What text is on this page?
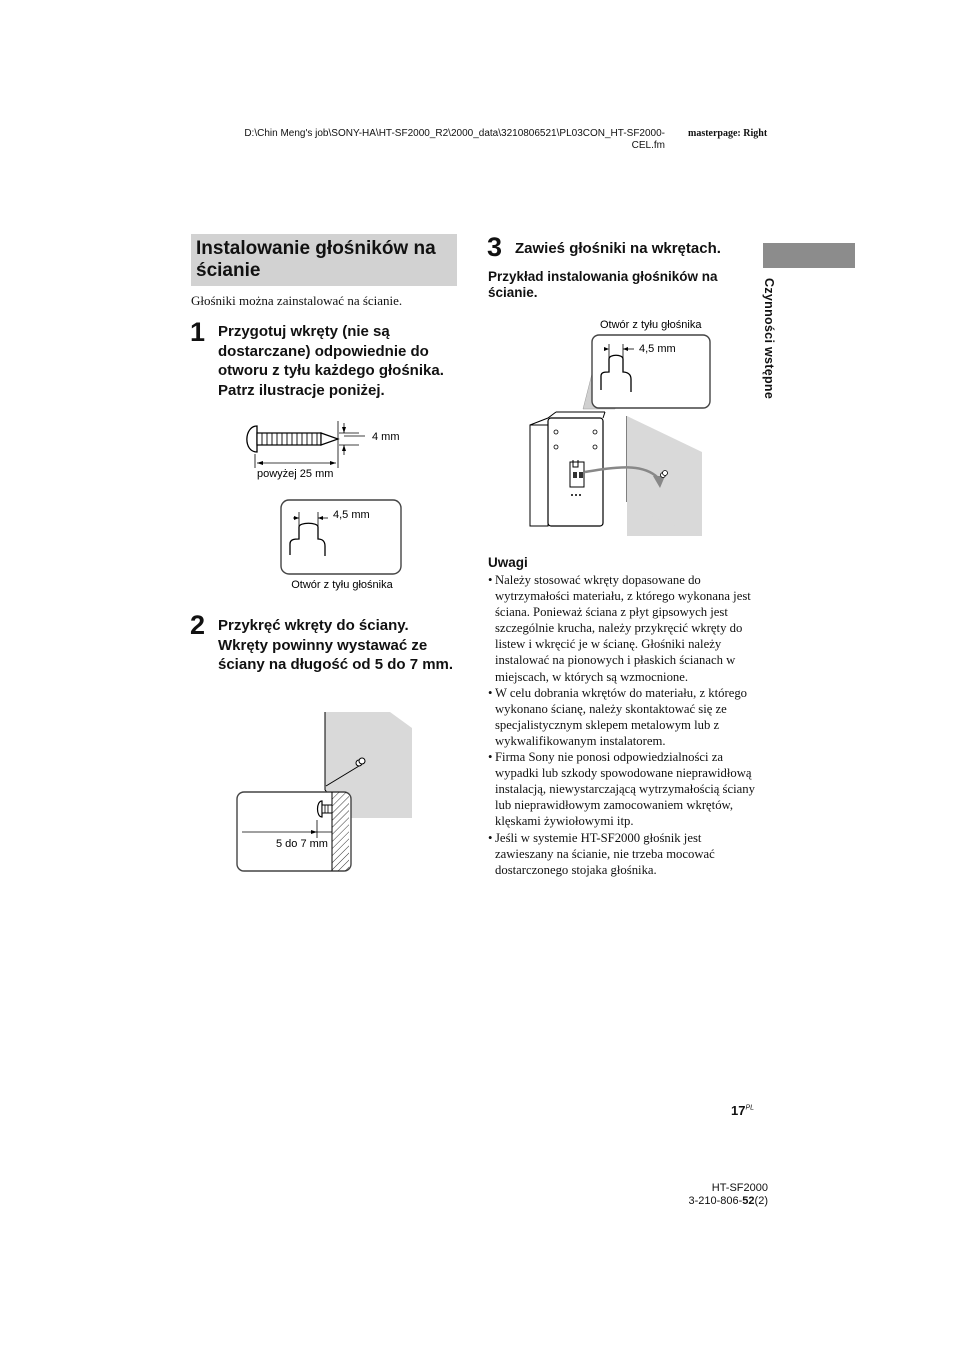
D:\Chin Meng's job\SONY-HA\HT-SF2000_R2\2000_data\3210806521\PL03CON_HT-SF2000-
CEL.fm
masterpage: Right
Instalowanie głośników na ścianie
Głośniki można zainstalować na ścianie.
1 Przygotuj wkręty (nie są dostarczane) odpowiednie do otworu z tyłu każdego głośnika. Patrz ilustracje poniżej.
4 mm
powyżej 25 mm
4,5 mm
Otwór z tyłu głośnika
2 Przykręć wkręty do ściany. Wkręty powinny wystawać ze ściany na długość od 5 do 7 mm.
5 do 7 mm
3 Zawieś głośniki na wkrętach.
Przykład instalowania głośników na ścianie.
Otwór z tyłu głośnika
4,5 mm	Czynności wstępne
Uwagi
• Należy stosować wkręty dopasowane do wytrzymałości materiału, z którego wykonana jest ściana. Ponieważ ściana z płyt gipsowych jest szczególnie krucha, należy przykręcić wkręty do listew i wkręcić je w ścianę. Głośniki należy instalować na pionowych i płaskich ścianach w miejscach, w których są wzmocnione.
• W celu dobrania wkrętów do materiału, z którego wykonano ścianę, należy skontaktować się ze specjalistycznym sklepem metalowym lub z wykwalifikowanym instalatorem.
• Firma Sony nie ponosi odpowiedzialności za wypadki lub szkody spowodowane nieprawidłową instalacją, niewystarczającą wytrzymałością ściany lub nieprawidłowym zamocowaniem wkrętów, klęskami żywiołowymi itp.
• Jeśli w systemie HT-SF2000 głośnik jest zawieszany na ścianie, nie trzeba mocować dostarczonego stojaka głośnika.
$17^{PL}$
HT-SF2000
3-210-806-52(2)
